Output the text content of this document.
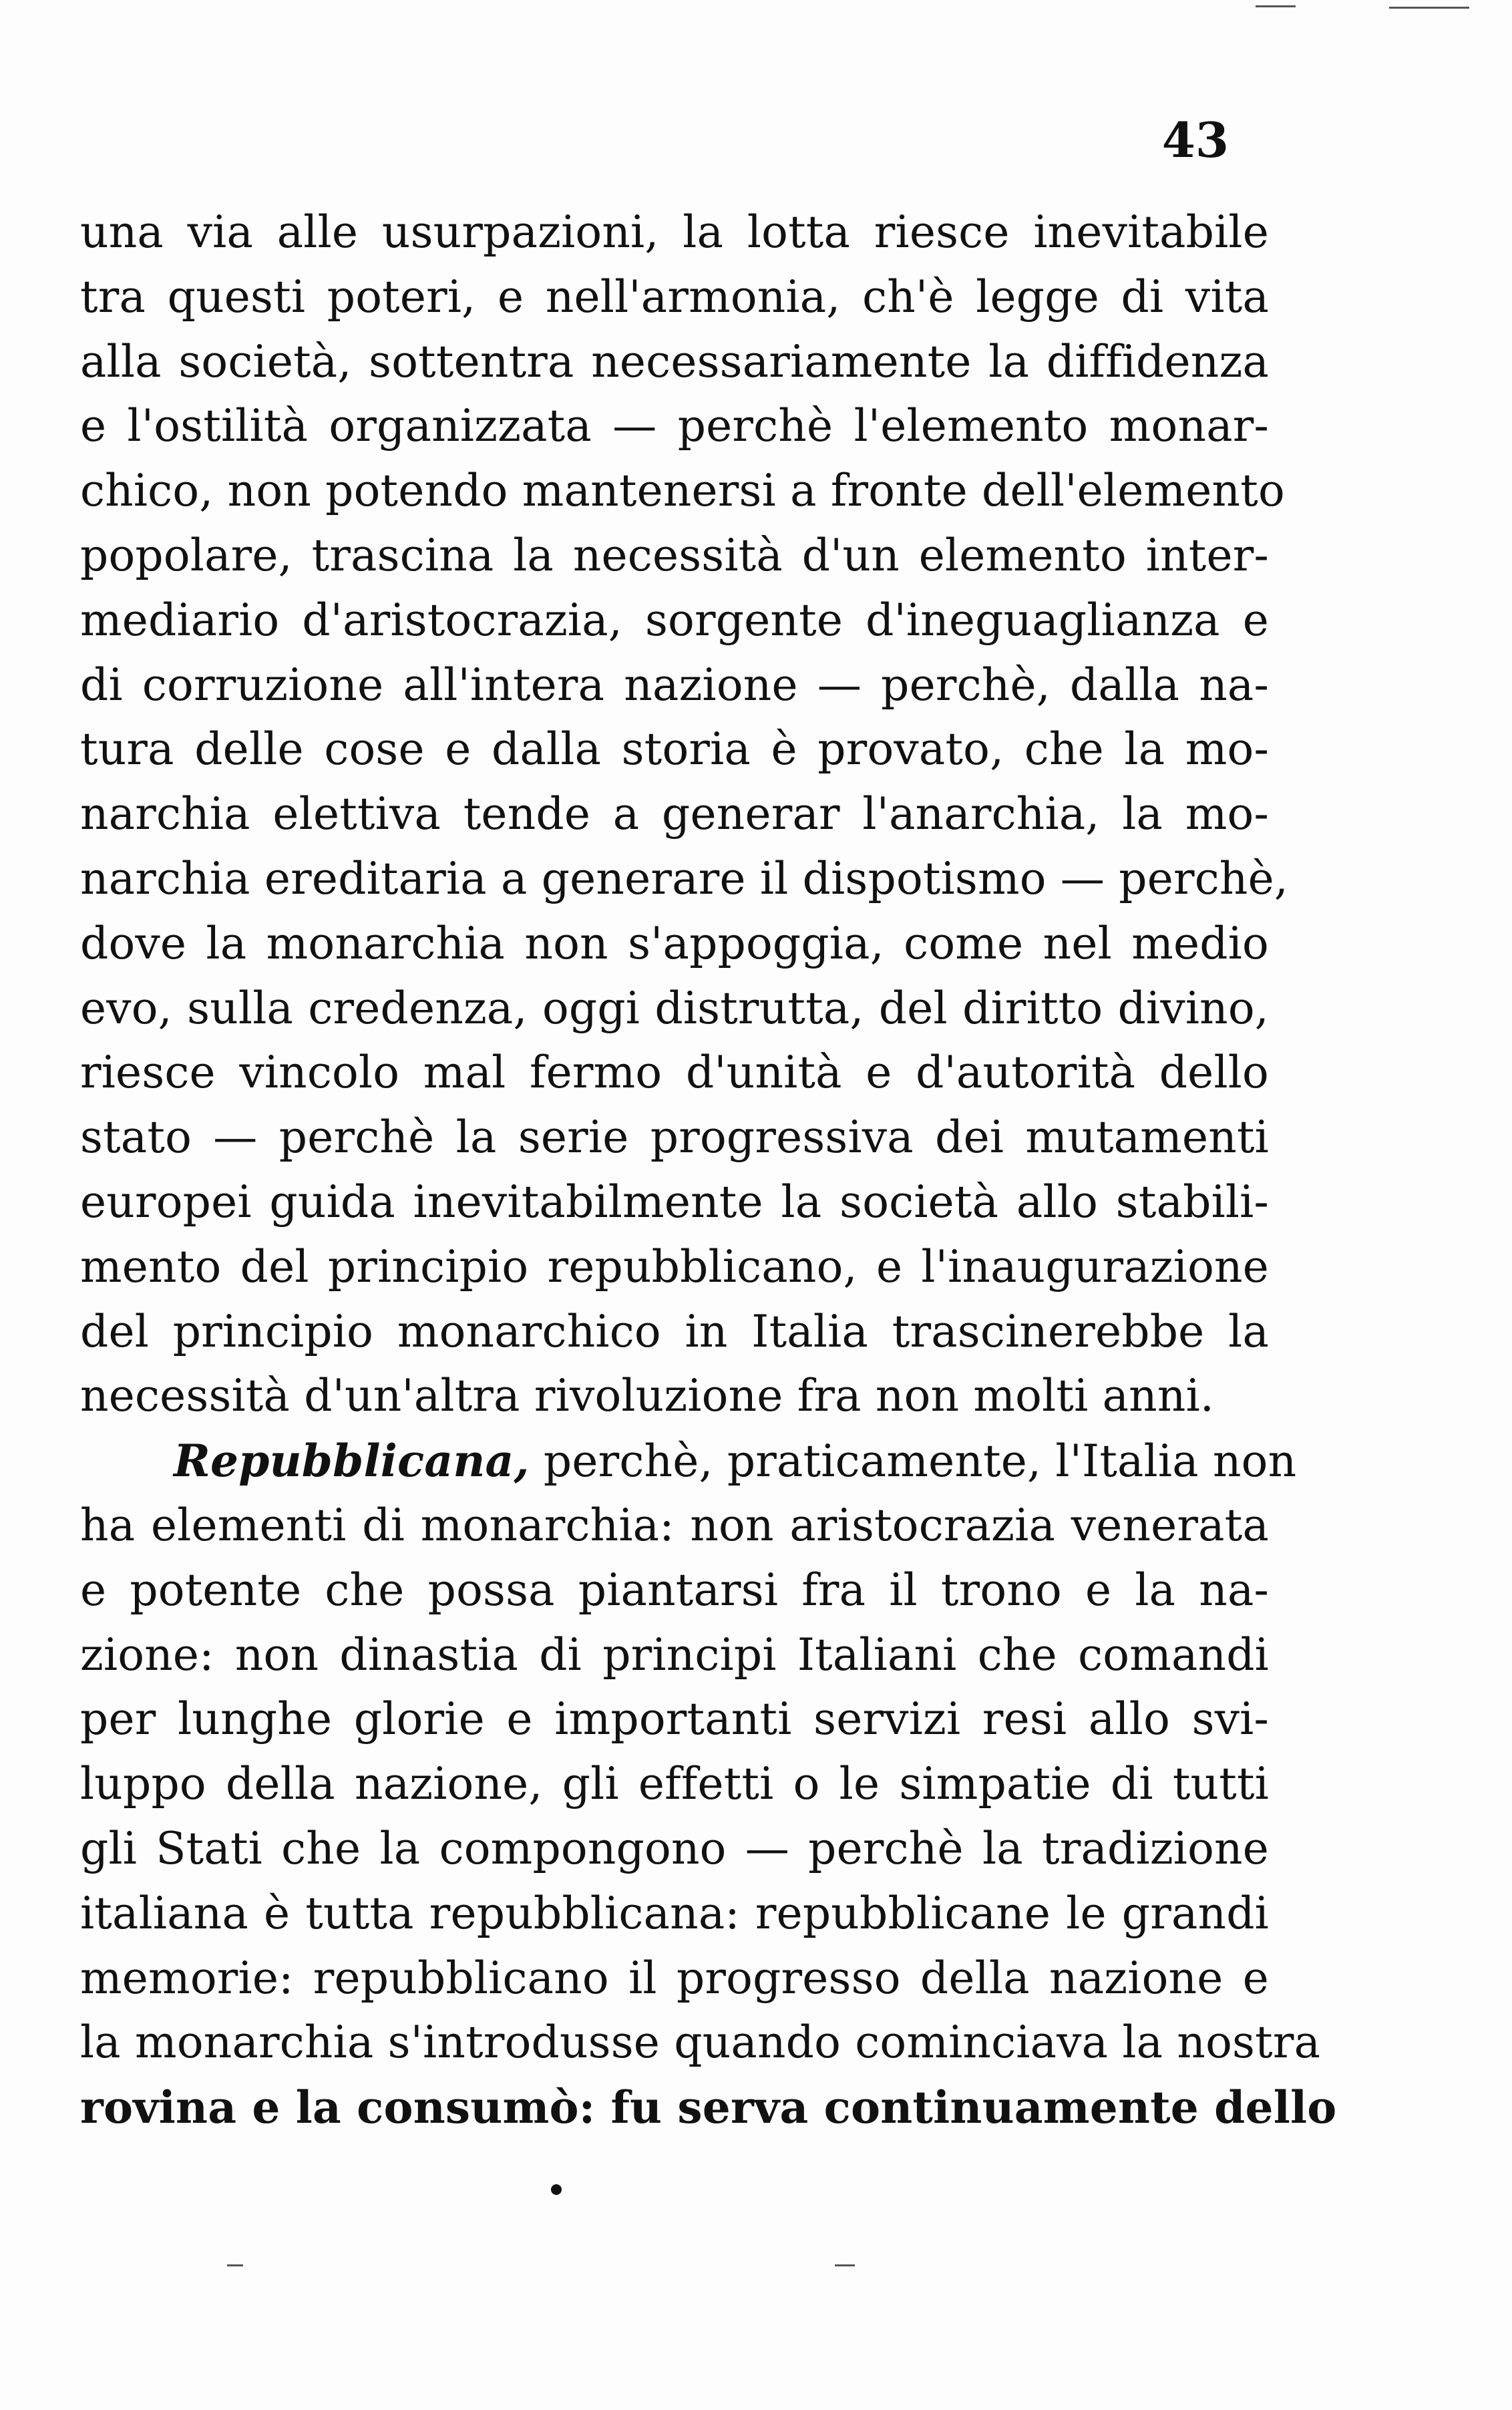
43
una via alle usurpazioni, la lotta riesce inevitabile
tra questi poteri, e nell'armonia, ch'è legge di vita
alla società, sottentra necessariamente la diffidenza
e l'ostilità organizzata — perchè l'elemento monar-
chico, non potendo mantenersi a fronte dell'elemento
popolare, trascina la necessità d'un elemento inter-
mediario d'aristocrazia, sorgente d'ineguaglianza e
di corruzione all'intera nazione — perchè, dalla na-
tura delle cose e dalla storia è provato, che la mo-
narchia elettiva tende a generar l'anarchia, la mo-
narchia ereditaria a generare il dispotismo — perchè,
dove la monarchia non s'appoggia, come nel medio
evo, sulla credenza, oggi distrutta, del diritto divino,
riesce vincolo mal fermo d'unità e d'autorità dello
stato — perchè la serie progressiva dei mutamenti
europei guida inevitabilmente la società allo stabili-
mento del principio repubblicano, e l'inaugurazione
del principio monarchico in Italia trascinerebbe la
necessità d'un'altra rivoluzione fra non molti anni.
Repubblicana, perchè, praticamente, l'Italia non
ha elementi di monarchia: non aristocrazia venerata
e potente che possa piantarsi fra il trono e la na-
zione: non dinastia di principi Italiani che comandi
per lunghe glorie e importanti servizi resi allo svi-
luppo della nazione, gli effetti o le simpatie di tutti
gli Stati che la compongono — perchè la tradizione
italiana è tutta repubblicana: repubblicane le grandi
memorie: repubblicano il progresso della nazione e
la monarchia s'introdusse quando cominciava la nostra
rovina e la consumò: fu serva continuamente dello
